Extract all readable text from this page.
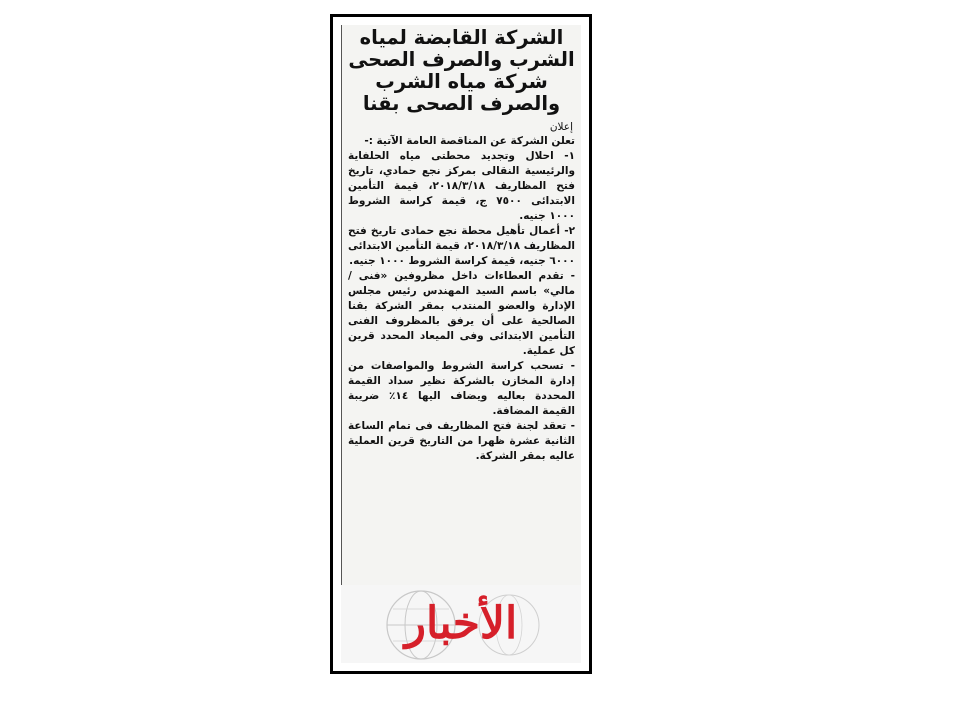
الشركة القابضة لمياه
الشرب والصرف الصحى
شركة مياه الشرب
والصرف الصحى بقنا
إعلان

تعلن الشركة عن المناقصة العامة الآتية :-

١- احلال وتجديد محطتى مياه الحلفاية والرئيسية النقالى بمركز نجع حمادي، تاريخ فتح المظاريف ٢٠١٨/٣/١٨، قيمة التأمين الابتدائى ٧٥٠٠ ج، قيمة كراسة الشروط ١٠٠٠ جنيه.

٢- أعمال تأهيل محطة نجع حمادى تاريخ فتح المظاريف ٢٠١٨/٣/١٨، قيمة التأمين الابتدائى ٦٠٠٠ جنيه، قيمة كراسة الشروط ١٠٠٠ جنيه.

- تقدم العطاءات داخل مظروفين «فنى / مالي» باسم السيد المهندس رئيس مجلس الإدارة والعضو المنتدب بمقر الشركة بقنا الصالحية على أن يرفق بالمظروف الفنى التأمين الابتدائى وفى الميعاد المحدد قرين كل عملية.

- تسحب كراسة الشروط والمواصفات من إدارة المخازن بالشركة نظير سداد القيمة المحددة بعاليه ويضاف اليها ١٤٪ ضريبة القيمة المضافة.

- تعقد لجنة فتح المظاريف فى تمام الساعة الثانية عشرة ظهرا من التاريخ قرين العملية عاليه بمقر الشركة.

الأخبار
